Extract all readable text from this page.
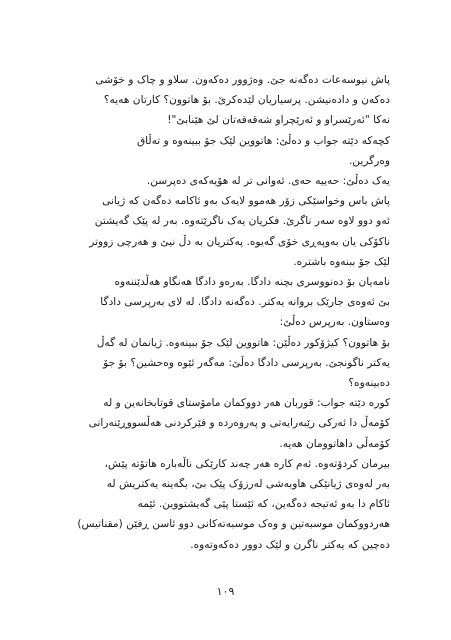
پاش نیوسەعات دەگەنە جێ. وەژوور دەکەون. سلاو و چاک و خۆشی
دەکەن و دادەنیشن. پرسیاریان لێدەکرێ. بۆ هاتوون؟ کارتان هەیە؟
نەکا "ئەرێسراو و ئەرێچراو شەقەقەتان لێ هێنابێ"!
کچەکە دێتە جواب و دەڵێ: هاتووین لێک جۆ ببینەوە و تەڵاق
وەرگرین.
یەک دەڵێ: حەییە حەی. ئەوانی تر لە هۆیەکەی دەپرسن.
پاش باس وخواسێکی زۆر هەموو لایەک بەو ئاکامە دەگەن کە ژیانی
ئەو دوو لاوە سەر ناگرێ. فکریان یەک ناگرێتەوە. بەر لە پێک گەیشتن
ناکۆکی یان بەوپەڕی خۆی گەیوە. پەکتریان بە دڵ نیێ و هەرچی زووتر
لێک جۆ ببنەوە باشترە.
نامەیان بۆ دەنووسری بچنە دادگا. بەرەو دادگا هەنگاو هەڵدێننەوە
بێ ئەوەی جارێک بروانە یەکتر. دەگەنە دادگا. لە لای بەرپرسی دادگا
وەستاون. بەرپرس دەڵێ:
بۆ هاتوون؟ کیژۆکور دەڵێن: هاتووین لێک جۆ ببینەوە. ژیانمان لە گەڵ
یەکتر ناگونجێ. بەرپرسی دادگا دەڵێ: مەگەر ئێوە وەحشین؟ بۆ جۆ
دەبینەوە؟
کورە دێتە جواب: قوربان هەر دووکمان مامۆستای قوتابخانەین و لە
کۆمەڵ دا ئەرکی رێبەرایەتی و پەروەردە و فێرکردنی هەڵسووڕێنەرانی
کۆمەڵی داهاتوومان هەیە.
بیرمان کردۆتەوە. ئەم کارە هەر چەند کارێکی ناڵەبارە هاتۆتە پێش،
بەر لەوەی ژیانێکی هاوبەشی لەرزۆک پێک بێ، بگەینە یەکتریش لە
ئاکام دا بەو ئەتیجە دەگەین، کە ئێستا پێی گەیشتووین. ئێمە
هەردووکمان موسبەتین و وەک موسبەتەکانی دوو ئاسن ڕفێن (مقناتیس)
دەچین کە یەکتر ناگرن و لێک دوور دەکەوتەوە.
١٠٩
